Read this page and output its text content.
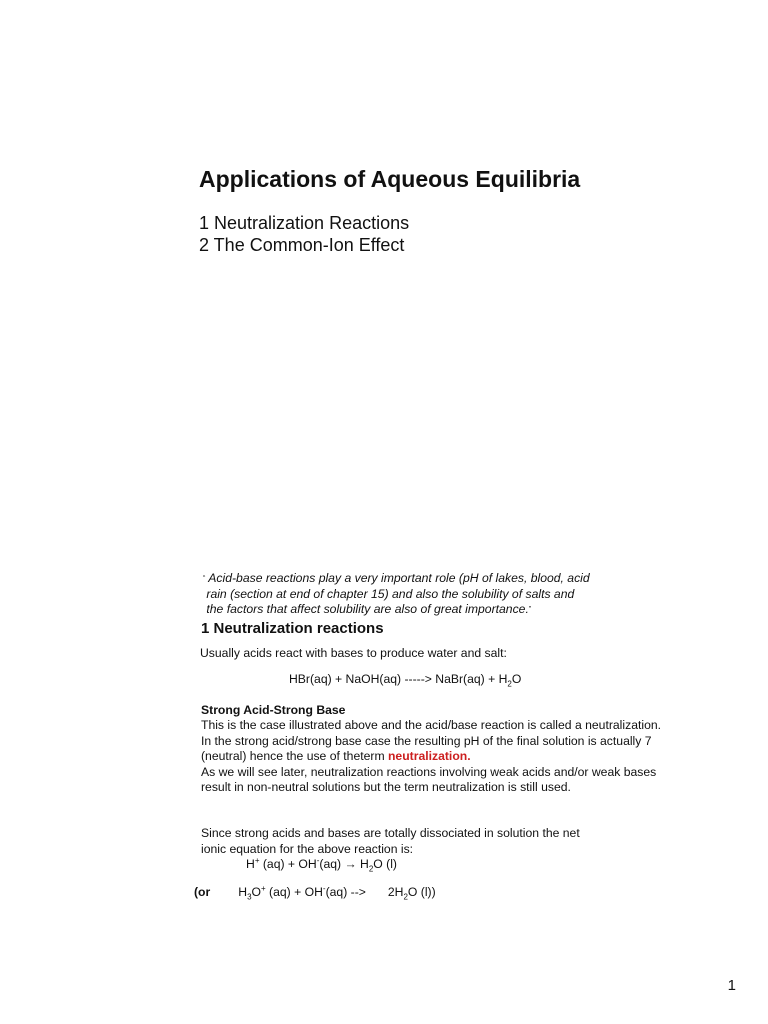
Applications of Aqueous Equilibria
1 Neutralization Reactions
2 The Common-Ion Effect
“ Acid-base reactions play a very important role (pH of lakes, blood, acid
rain (section at end of chapter 15) and also the solubility of salts and
the factors that affect solubility are also of great importance.”
1 Neutralization reactions
Usually acids react with bases to produce water and salt:
HBr(aq) + NaOH(aq) -----> NaBr(aq) + $H_2O$
Strong Acid-Strong Base
This is the case illustrated above and the acid/base reaction is called a neutralization.
In the strong acid/strong base case the resulting pH of the final solution is actually 7
(neutral) hence the use of theterm neutralization.
As we will see later, neutralization reactions involving weak acids and/or weak bases
result in non-neutral solutions but the term neutralization is still used.
Since strong acids and bases are totally dissociated in solution the net
ionic equation for the above reaction is:
H+ $(aq) + OH^-(aq) \to H_2O$ (l)
(or $H_3O^+$ (aq) + OH-(aq) --> $2H_2O$ (l))
1
